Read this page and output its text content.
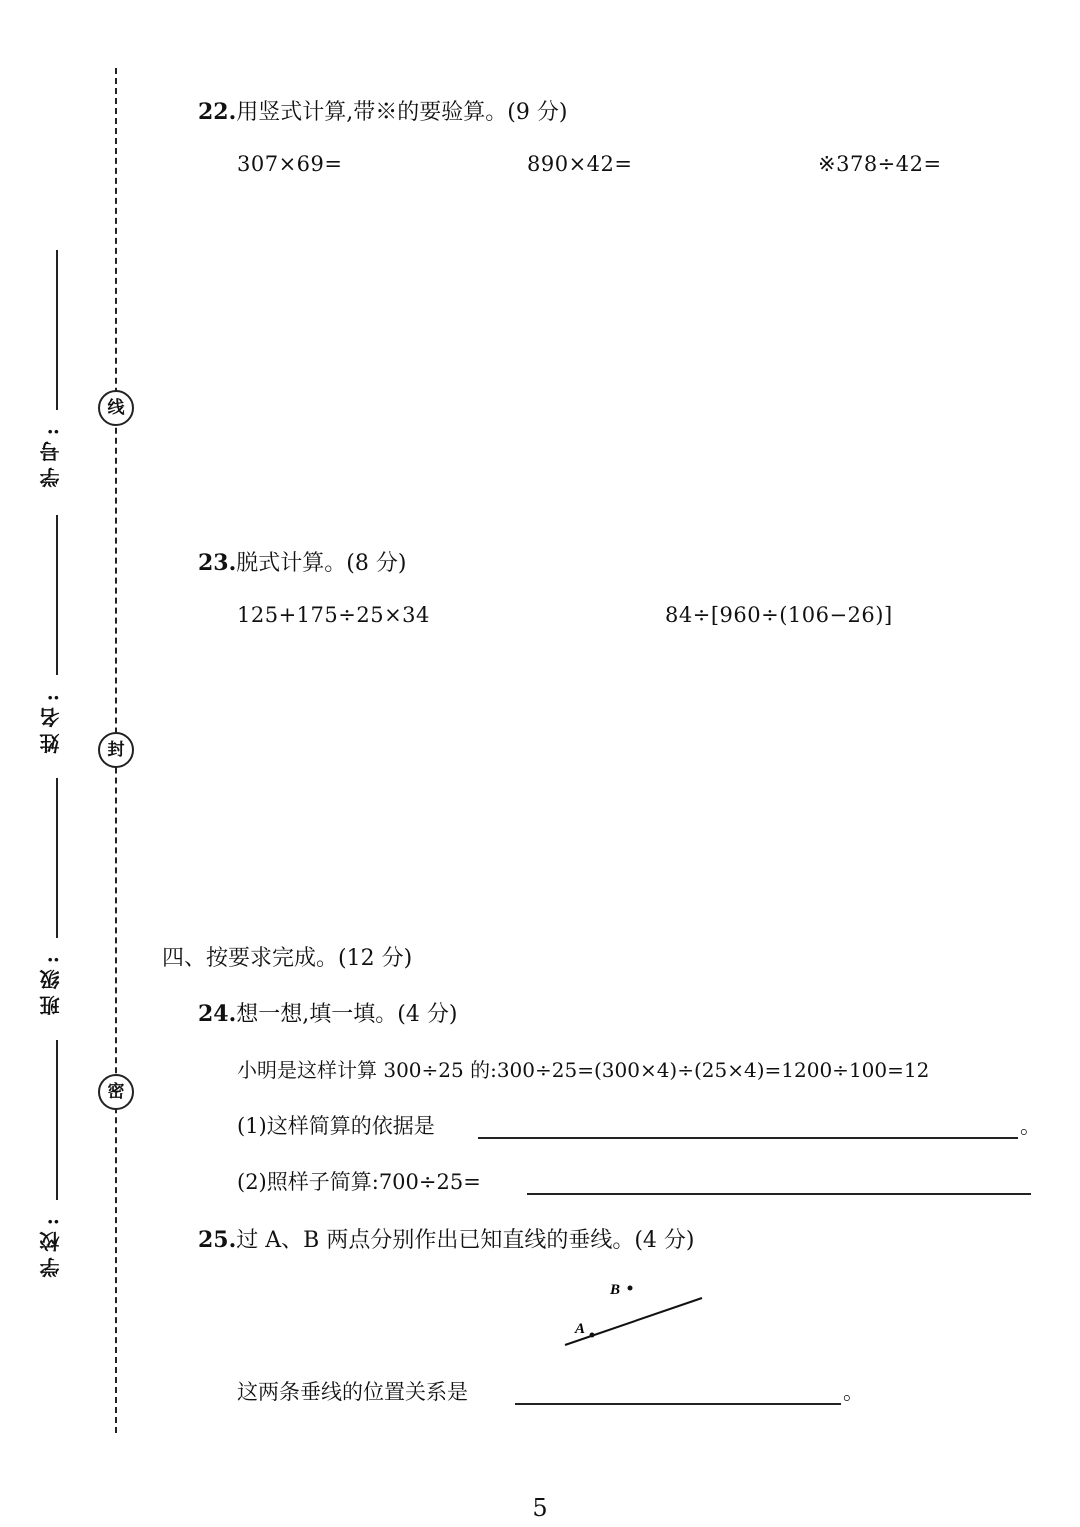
线
封
密
学号:
姓名:
班级:
学校:
22.用竖式计算,带※的要验算。(9 分)
307×69=	890×42=	※378÷42=
23.脱式计算。(8 分)
125+175÷25×34	84÷[960÷(106−26)]
四、按要求完成。(12 分)
24.想一想,填一填。(4 分)
小明是这样计算 300÷25 的:300÷25=(300×4)÷(25×4)=1200÷100=12
(1)这样简算的依据是	。
(2)照样子简算:700÷25=
25.过 A、B 两点分别作出已知直线的垂线。(4 分)
A
B
这两条垂线的位置关系是	。
5
